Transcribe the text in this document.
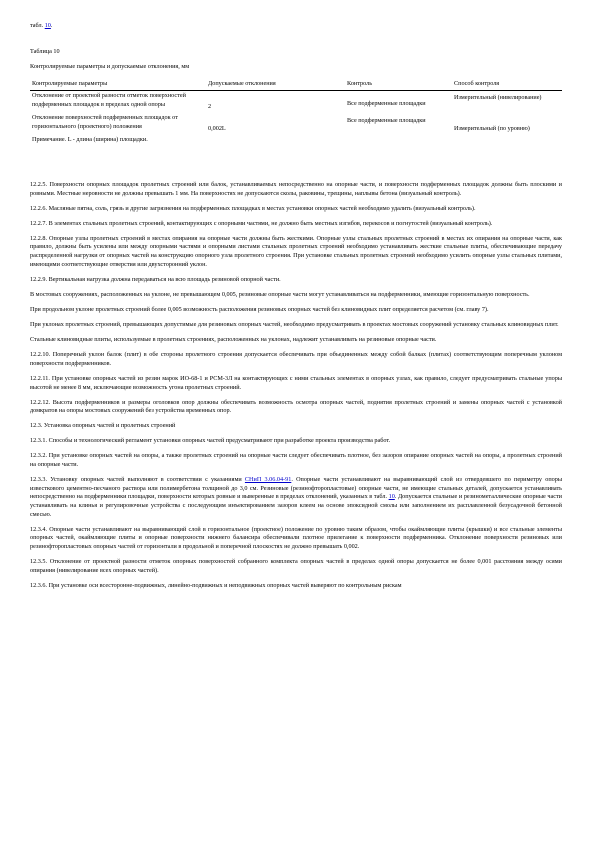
табл. 10.
Таблица 10
Контролируемые параметры и допускаемые отклонения, мм
Контролируемые параметры	Допускаемые отклонения	Контроль	Способ контроля
Отклонение от проектной разности отметок поверхностей подферменных площадок в пределах одной опоры	2	Все подферменные площадки	Измерительный (нивелирование)
Отклонение поверхностей подферменных площадок от горизонтального (проектного) положения	0,002L	Все подферменные площадки	Измерительный (по уровню)
Примечание. L - длина (ширина) площадки.			

12.2.5. Поверхности опорных площадок пролетных строений или балок, устанавливаемых непосредственно на опорные части, и поверхности подферменных площадок должны быть плоскими и ровными. Местные неровности не должны превышать 1 мм. На поверхностях не допускаются сколы, раковины, трещины, наплывы бетона (визуальный контроль).

12.2.6. Масляные пятна, соль, грязь и другие загрязнения на подферменных площадках в местах установки опорных частей необходимо удалить (визуальный контроль).

12.2.7. В элементах стальных пролетных строений, контактирующих с опорными частями, не должно быть местных изгибов, перекосов и погнутостей (визуальный контроль).

12.2.8. Опорные узлы пролетных строений в местах опирания на опорные части должны быть жесткими. Опорные узлы стальных пролетных строений в местах их опирания на опорные части, как правило, должны быть усилены или между опорными частями и опорными листами стальных пролетных строений необходимо устанавливать жесткие стальные плиты, обеспечивающие передачу распределенной нагрузки от опорных частей на конструкцию опорного узла пролетного строения. При установке стальных пролетных строений необходимо усилить опорные узлы стальных плитами, имеющими соответствующие отверстия или двухсторонний уклон.

12.2.9. Вертикальная нагрузка должна передаваться на всю площадь резиновой опорной части.

В мостовых сооружениях, расположенных на уклоне, не превышающем 0,005, резиновые опорные части могут устанавливаться на подферменники, имеющие горизонтальную поверхность.

При продольном уклоне пролетных строений более 0,005 возможность расположения резиновых опорных частей без клиновидных плит определяется расчетом (см. главу 7).

При уклонах пролетных строений, превышающих допустимые для резиновых опорных частей, необходимо предусматривать в проектах мостовых сооружений установку стальных клиновидных плит.

Стальные клиновидные плиты, используемые в пролетных строениях, расположенных на уклонах, надлежит устанавливать на резиновые опорные части.

12.2.10. Поперечный уклон балок (плит) в обе стороны пролетного строения допускается обеспечивать при объединенных между собой балках (плитах) соответствующим поперечным уклоном поверхности подферменников.

12.2.11. При установке опорных частей из резин марок ИО-68-1 и РСМ-3Л на контактирующих с ними стальных элементах в опорных узлах, как правило, следует предусматривать стальные упоры высотой не менее 8 мм, исключающие возможность угона пролетных строений.

12.2.12. Высота подферменников и размеры оголовков опор должны обеспечивать возможность осмотра опорных частей, поднятия пролетных строений и замены опорных частей с установкой домкратов на опоры мостовых сооружений без устройства временных опор.

12.3. Установка опорных частей и пролетных строений

12.3.1. Способы и технологический регламент установки опорных частей предусматривают при разработке проекта производства работ.

12.3.2. При установке опорных частей на опоры, а также пролетных строений на опорные части следует обеспечивать плотное, без зазоров опирание опорных частей на опоры, а пролетных строений на опорные части.

12.3.3. Установку опорных частей выполняют в соответствии с указаниями СНиП 3.06.04-91. Опорные части устанавливают на выравнивающий слой из отвердевшего по периметру опоры известкового цементно-песчаного раствора или полимербетона толщиной до 3,0 см. Резиновые (резинофторопластовые) опорные части, не имеющие стальных деталей, допускается устанавливать непосредственно на подферменники площадки, поверхности которых ровные и выверенные в пределах отклонений, указанных в табл. 10. Допускается стальные и резинометаллические опорные части устанавливать на клинья и регулировочные устройства с последующим инъектированием зазоров клеем на основе эпоксидной смолы или заполнением их расплавленной безусадочной бетонной смесью.

12.3.4. Опорные части устанавливают на выравнивающий слой в горизонтальное (проектное) положение по уровню таким образом, чтобы окаймляющие плиты (крышки) и все стальные элементы опорных частей, окаймляющие плиты и опорные поверхности нижнего балансира обеспечивали плотное прилегание к поверхности подферменника. Отклонение поверхности резиновых или резинофторопластовых опорных частей от горизонтали в продольной и поперечной плоскостях не должно превышать 0,002.

12.3.5. Отклонение от проектной разности отметок опорных поверхностей собранного комплекта опорных частей в пределах одной опоры допускается не более 0,001 расстояния между осями опирания (нивелирование всех опорных частей).

12.3.6. При установке оси всесторонне-подвижных, линейно-подвижных и неподвижных опорных частей выверяют по контрольным рискам
